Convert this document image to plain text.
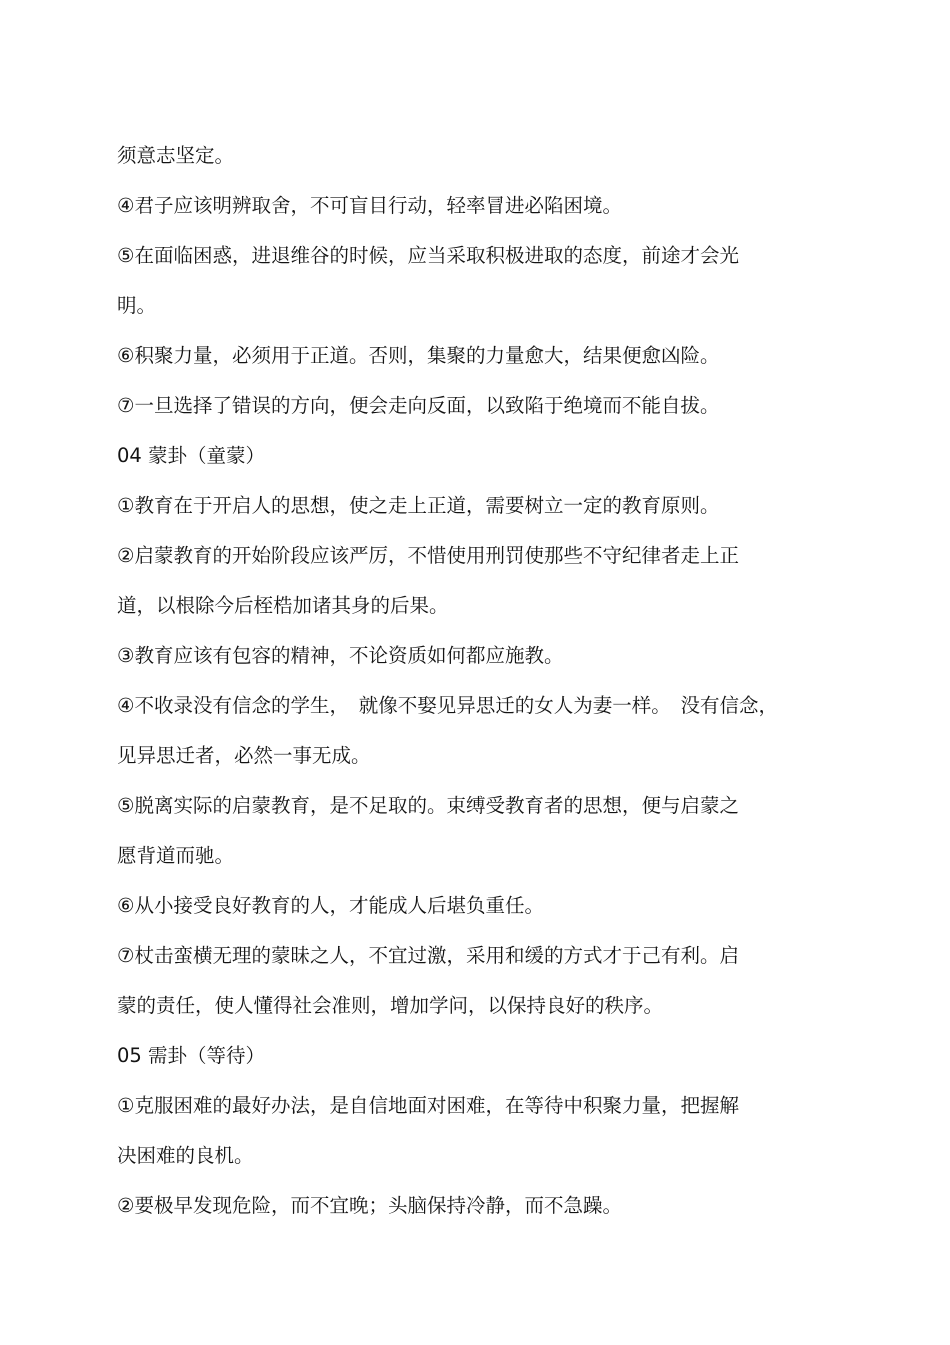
须意志坚定。
④君子应该明辨取舍，不可盲目行动，轻率冒进必陷困境。
⑤在面临困惑，进退维谷的时候，应当采取积极进取的态度，前途才会光
明。
⑥积聚力量，必须用于正道。否则，集聚的力量愈大，结果便愈凶险。
⑦一旦选择了错误的方向，便会走向反面，以致陷于绝境而不能自拔。
04 蒙卦（童蒙）
①教育在于开启人的思想，使之走上正道，需要树立一定的教育原则。
②启蒙教育的开始阶段应该严厉，不惜使用刑罚使那些不守纪律者走上正
道，以根除今后桎梏加诸其身的后果。
③教育应该有包容的精神，不论资质如何都应施教。
④不收录没有信念的学生，　就像不娶见异思迁的女人为妻一样。　没有信念，
见异思迁者，必然一事无成。
⑤脱离实际的启蒙教育，是不足取的。束缚受教育者的思想，便与启蒙之
愿背道而驰。
⑥从小接受良好教育的人，才能成人后堪负重任。
⑦杖击蛮横无理的蒙昧之人，不宜过激，采用和缓的方式才于己有利。启
蒙的责任，使人懂得社会准则，增加学问，以保持良好的秩序。
05 需卦（等待）
①克服困难的最好办法，是自信地面对困难，在等待中积聚力量，把握解
决困难的良机。
②要极早发现危险，而不宜晚；头脑保持冷静，而不急躁。
